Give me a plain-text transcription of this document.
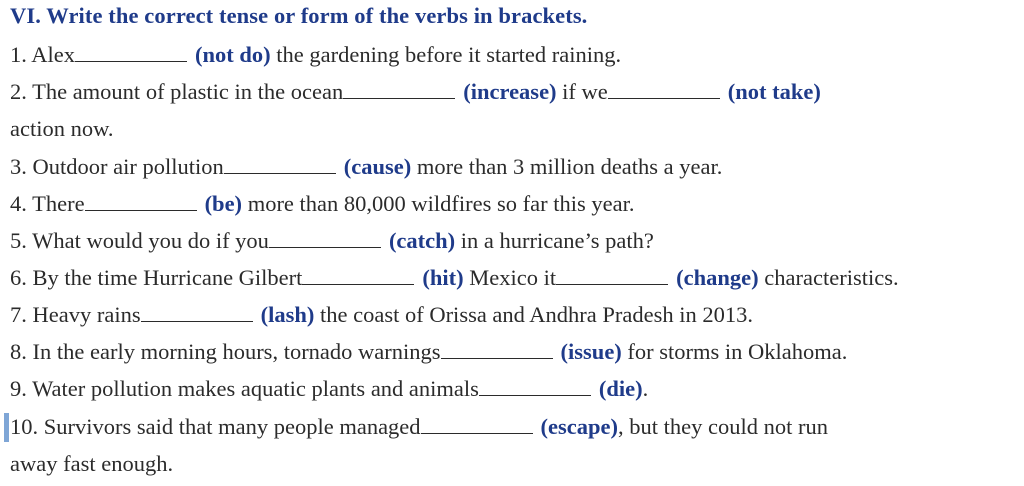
VI. Write the correct tense or form of the verbs in brackets.
1. Alex	(not do) the gardening before it started raining.
2. The amount of plastic in the ocean	(increase) if we	(not take)
action now.
3. Outdoor air pollution	(cause) more than 3 million deaths a year.
4. There	(be) more than 80,000 wildfires so far this year.
5. What would you do if you	(catch) in a hurricane’s path?
6. By the time Hurricane Gilbert	(hit) Mexico it	(change) characteristics.
7. Heavy rains	(lash) the coast of Orissa and Andhra Pradesh in 2013.
8. In the early morning hours, tornado warnings	(issue) for storms in Oklahoma.
9. Water pollution makes aquatic plants and animals	(die).
10. Survivors said that many people managed	(escape), but they could not run
away fast enough.
